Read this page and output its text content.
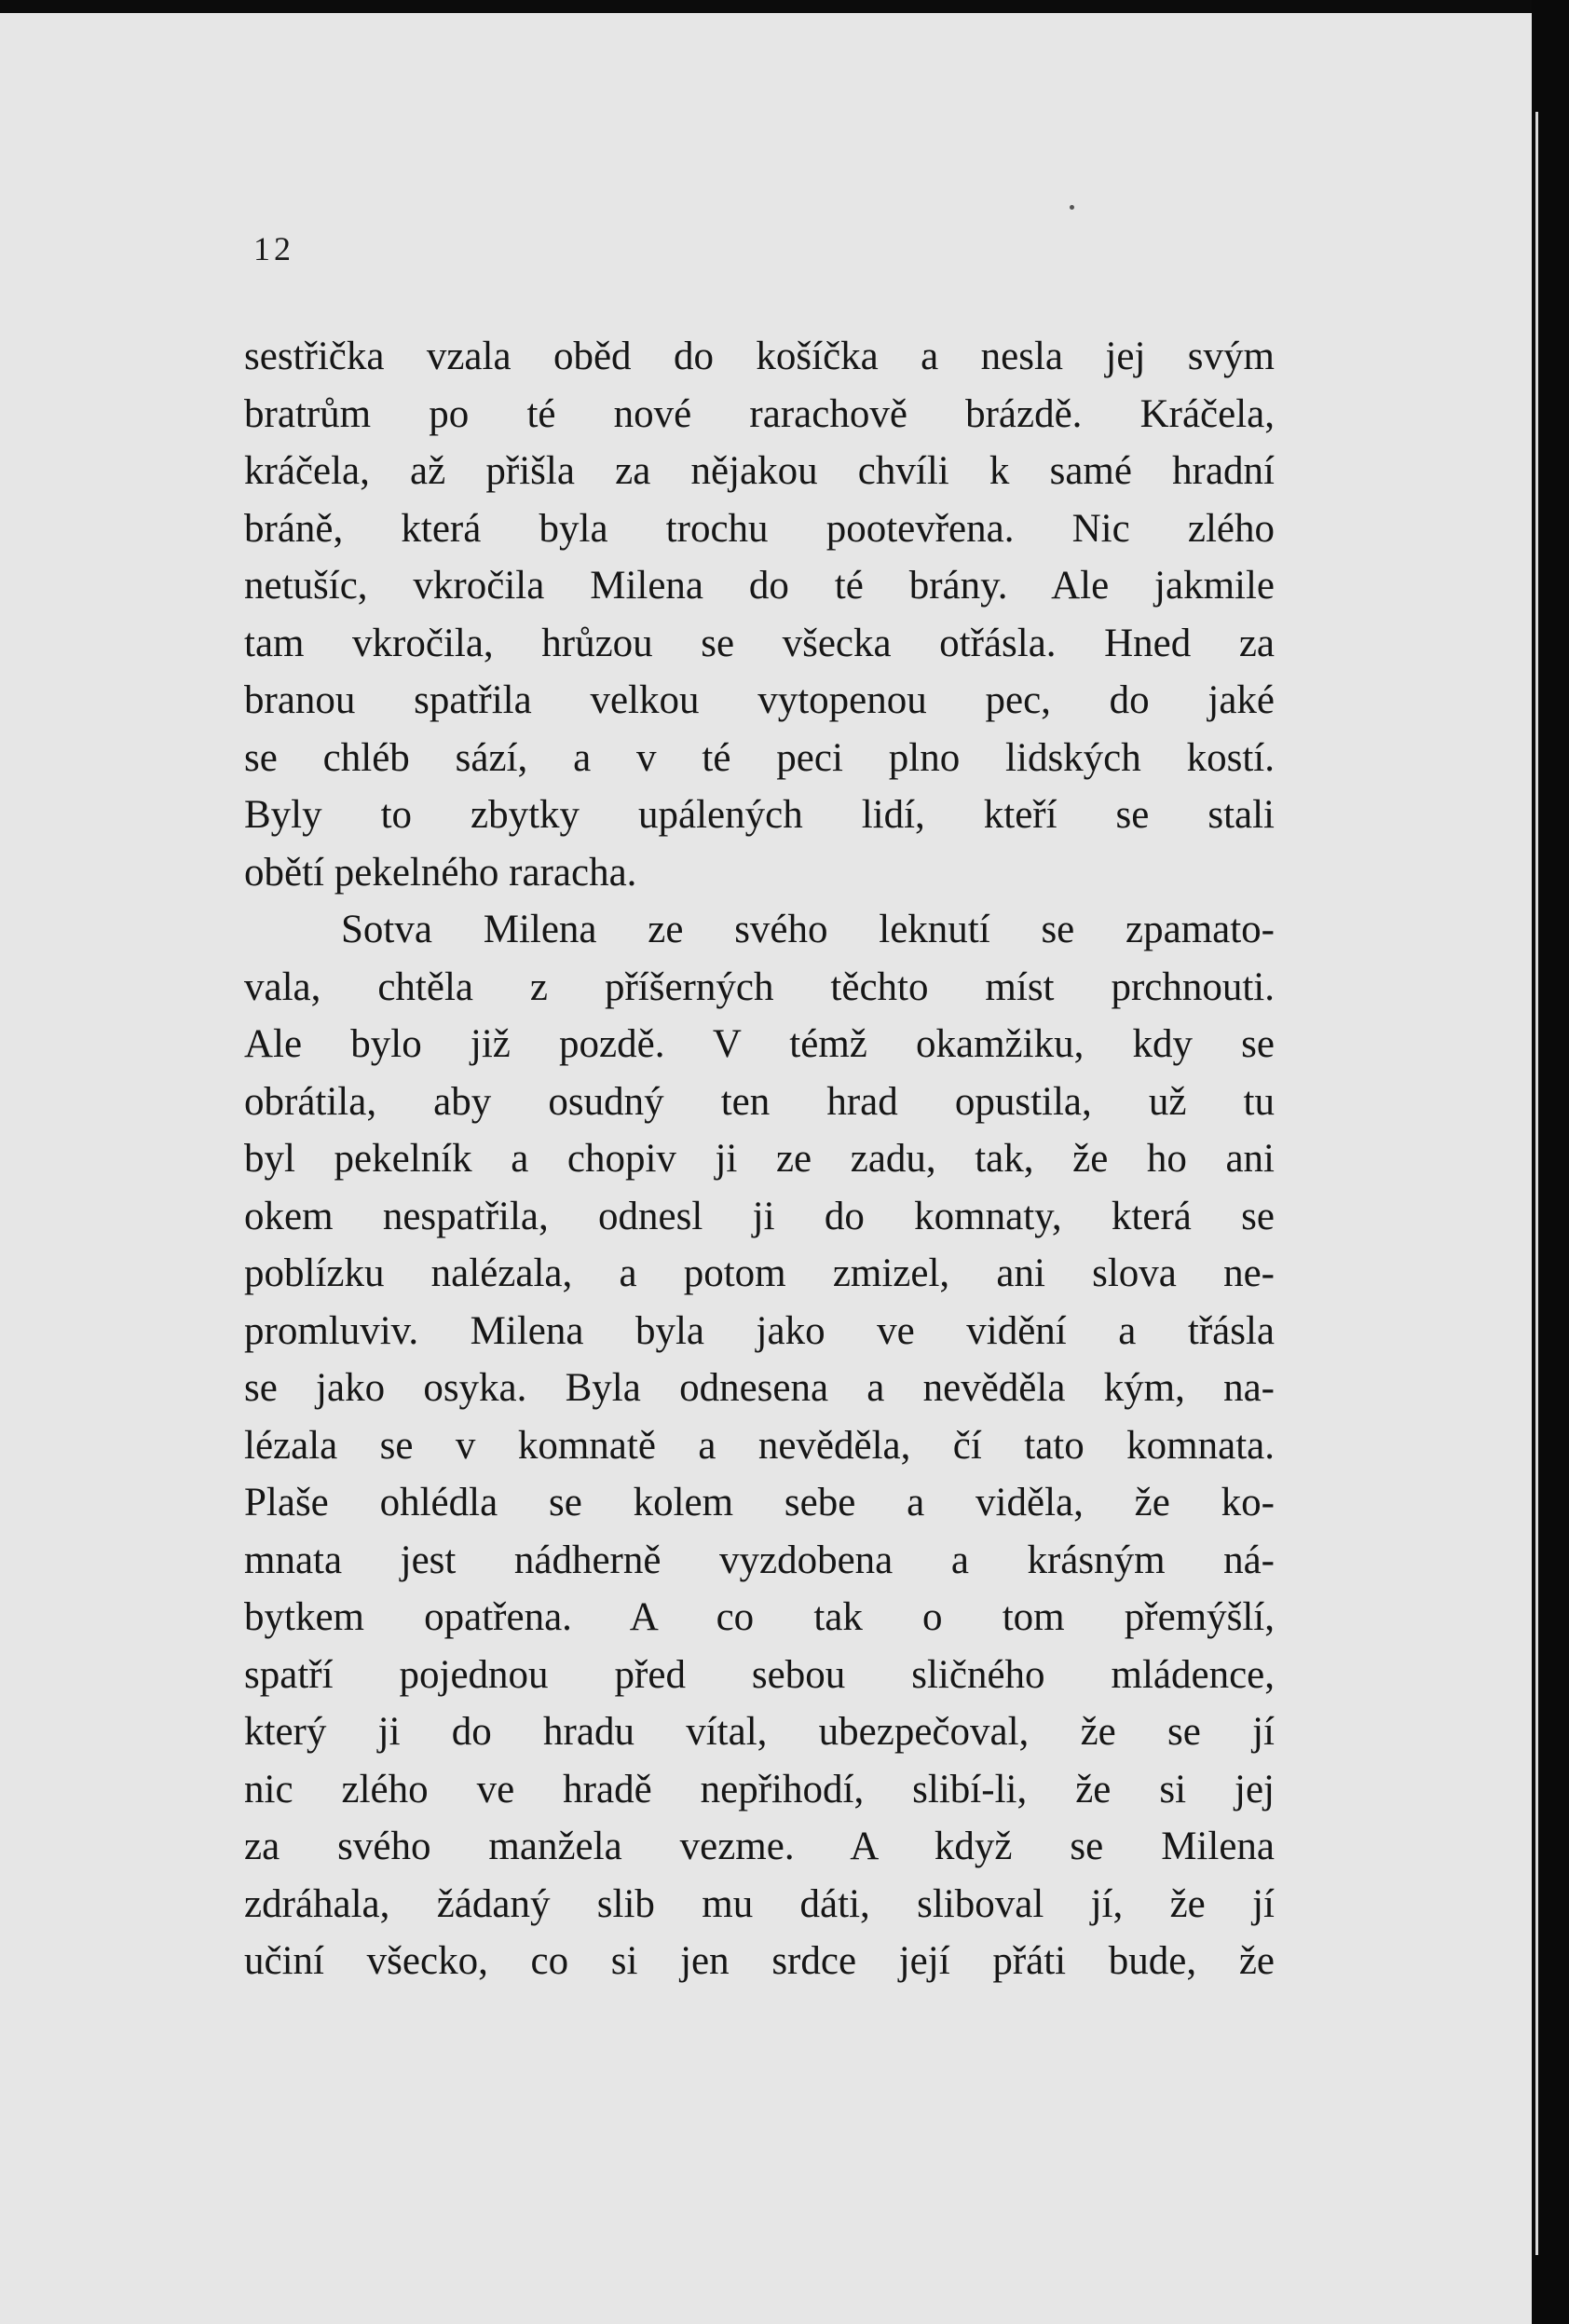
12
sestřička vzala oběd do košíčka a nesla jej svým
bratrům po té nové rarachově brázdě. Kráčela,
kráčela, až přišla za nějakou chvíli k samé hradní
bráně, která byla trochu pootevřena. Nic zlého
netušíc, vkročila Milena do té brány. Ale jakmile
tam vkročila, hrůzou se všecka otřásla. Hned za
branou spatřila velkou vytopenou pec, do jaké
se chléb sází, a v té peci plno lidských kostí.
Byly to zbytky upálených lidí, kteří se stali
obětí pekelného raracha.
Sotva Milena ze svého leknutí se zpamato-
vala, chtěla z příšerných těchto míst prchnouti.
Ale bylo již pozdě. V témž okamžiku, kdy se
obrátila, aby osudný ten hrad opustila, už tu
byl pekelník a chopiv ji ze zadu, tak, že ho ani
okem nespatřila, odnesl ji do komnaty, která se
poblízku nalézala, a potom zmizel, ani slova ne-
promluviv. Milena byla jako ve vidění a třásla
se jako osyka. Byla odnesena a nevěděla kým, na-
lézala se v komnatě a nevěděla, čí tato komnata.
Plaše ohlédla se kolem sebe a viděla, že ko-
mnata jest nádherně vyzdobena a krásným ná-
bytkem opatřena. A co tak o tom přemýšlí,
spatří pojednou před sebou sličného mládence,
který ji do hradu vítal, ubezpečoval, že se jí
nic zlého ve hradě nepřihodí, slibí-li, že si jej
za svého manžela vezme. A když se Milena
zdráhala, žádaný slib mu dáti, sliboval jí, že jí
učiní všecko, co si jen srdce její přáti bude, že
